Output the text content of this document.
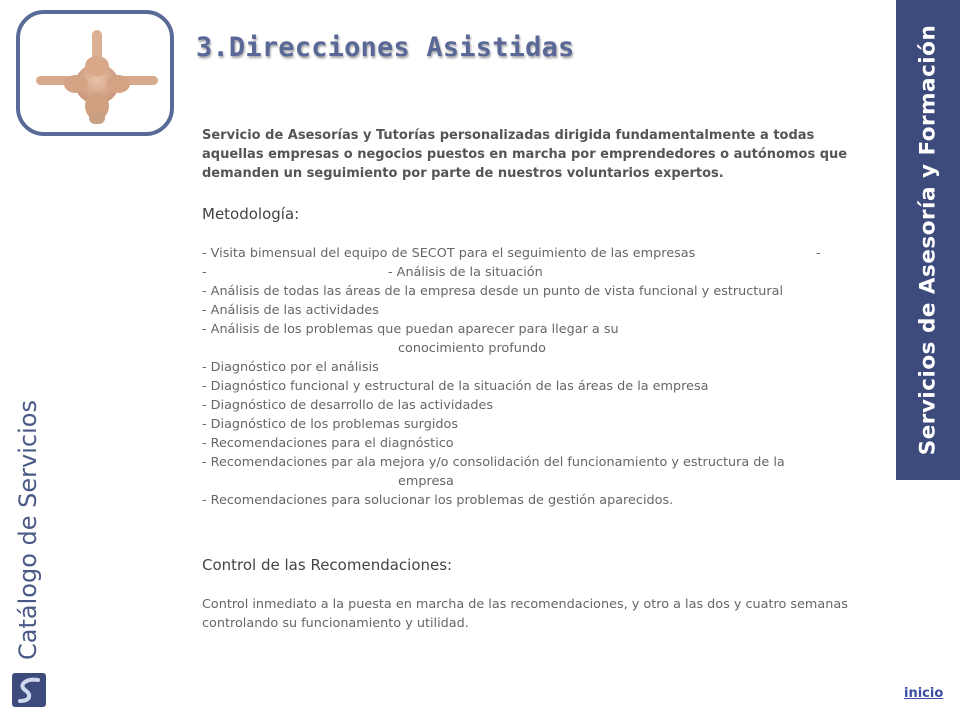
3.Direcciones Asistidas
Servicio de Asesorías y Tutorías personalizadas dirigida fundamentalmente a todas aquellas empresas o negocios puestos en marcha por emprendedores o autónomos que demanden un seguimiento por parte de nuestros voluntarios expertos.
Metodología:
- Visita bimensual del equipo de SECOT para el seguimiento de las empresas	-
-	- Análisis de la situación
- Análisis de todas las áreas de la empresa desde un punto de vista funcional y estructural
- Análisis de las actividades
- Análisis de los problemas que puedan aparecer para llegar a su
conocimiento profundo
- Diagnóstico por el análisis
- Diagnóstico funcional y estructural de la situación de las áreas de la empresa
- Diagnóstico de desarrollo de las actividades
- Diagnóstico de los problemas surgidos
- Recomendaciones para el diagnóstico
- Recomendaciones par ala mejora y/o consolidación del funcionamiento y estructura de la
empresa
- Recomendaciones para solucionar los problemas de gestión aparecidos.
Control de las Recomendaciones:
Control inmediato a la puesta en marcha de las recomendaciones, y otro a las dos y cuatro semanas controlando su funcionamiento y utilidad.
Servicios de Asesoría y Formación
Catálogo de Servicios
inicio
